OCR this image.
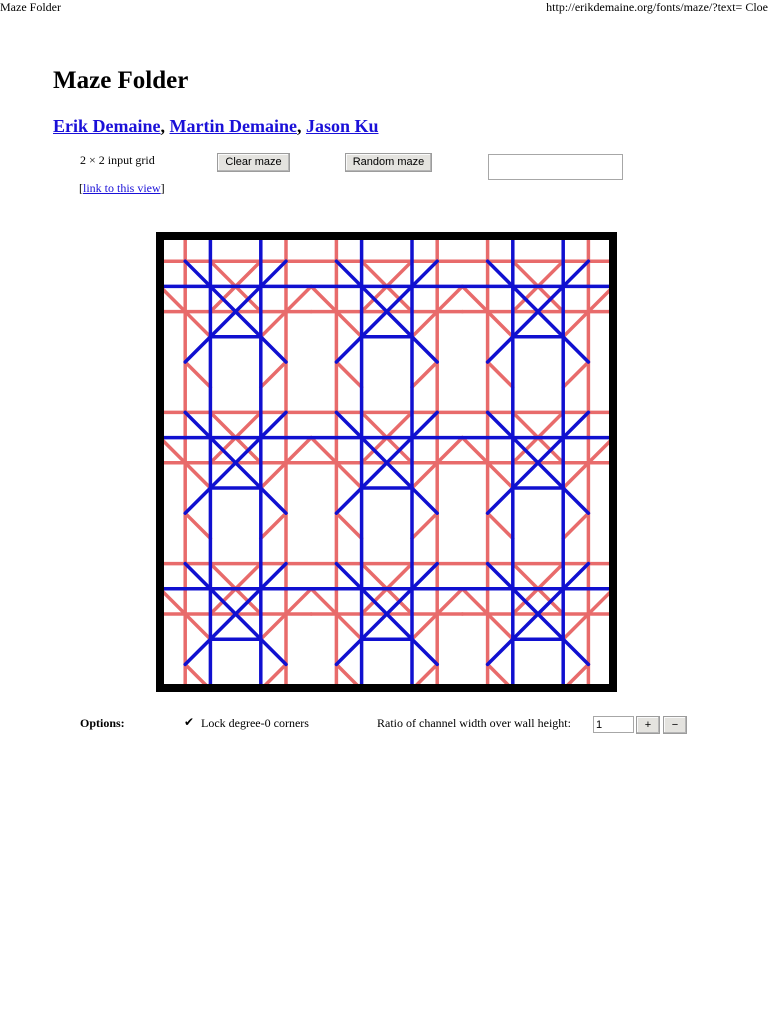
Maze Folder	http://erikdemaine.org/fonts/maze/?text= Cloe
Maze Folder
Erik Demaine, Martin Demaine, Jason Ku
2 × 2 input grid	Clear maze	Random maze
[link to this view]
Options:	✔ Lock degree-0 corners	Ratio of channel width over wall height:
1	+	−
